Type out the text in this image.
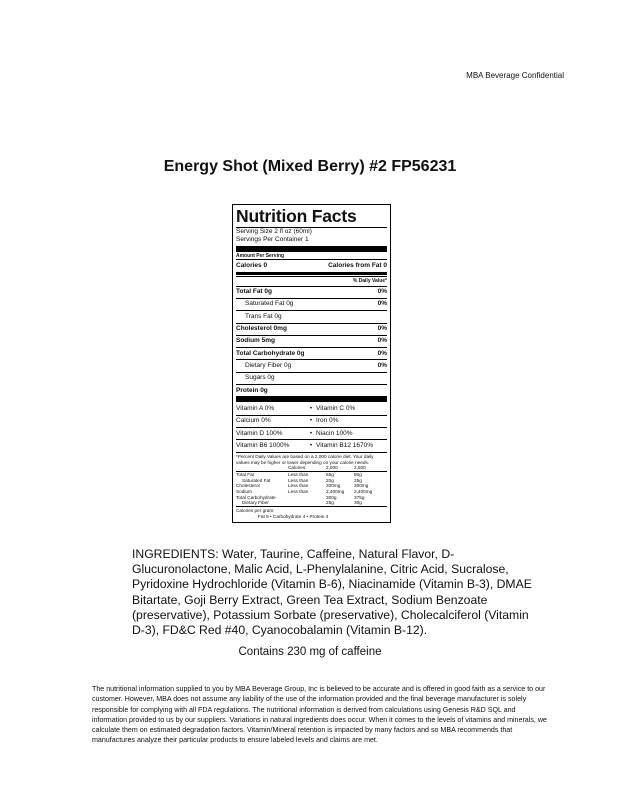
MBA Beverage Confidential
Energy Shot (Mixed Berry) #2 FP56231
Nutrition Facts
Serving Size 2 fl oz (60ml)
Servings Per Container 1
Amount Per Serving
Calories 0	Calories from Fat 0
% Daily Value*
Total Fat 0g	0%
Saturated Fat 0g	0%
Trans Fat 0g
Cholesterol 0mg	0%
Sodium 5mg	0%
Total Carbohydrate 0g	0%
Dietary Fiber 0g	0%
Sugars 0g
Protein 0g
Vitamin A 0%	• Vitamin C 0%
Calcium 0%	• Iron 0%
Vitamin D 100%	• Niacin 100%
Vitamin B6 1000%	• Vitamin B12 1670%
*Percent Daily Values are based on a 2,000 calorie diet. Your daily values may be higher or lower depending on your calorie needs.
Calories:	2,000	2,500
Total Fat	Less than	65g	80g
Saturated Fat	Less than	20g	25g
Cholesterol	Less than	300mg	300mg
Sodium	Less than	2,400mg	2,400mg
Total Carbohydrate	300g	375g
Dietary Fiber	25g	30g
Calories per gram:
Fat 9 • Carbohydrate 4 • Protein 4
INGREDIENTS: Water, Taurine, Caffeine, Natural Flavor, D-Glucuronolactone, Malic Acid, L-Phenylalanine, Citric Acid, Sucralose, Pyridoxine Hydrochloride (Vitamin B-6), Niacinamide (Vitamin B-3), DMAE Bitartate, Goji Berry Extract, Green Tea Extract, Sodium Benzoate (preservative), Potassium Sorbate (preservative), Cholecalciferol (Vitamin D-3), FD&C Red #40, Cyanocobalamin (Vitamin B-12).
Contains 230 mg of caffeine
The nutritional information supplied to you by MBA Beverage Group, Inc is believed to be accurate and is offered in good faith as a service to our customer. However, MBA does not assume any liability of the use of the information provided and the final beverage manufacturer is solely responsible for complying with all FDA regulations. The nutritional information is derived from calculations using Genesis R&D SQL and information provided to us by our suppliers. Variations in natural ingredients does occur. When it comes to the levels of vitamins and minerals, we calculate them on estimated degradation factors. Vitamin/Mineral retention is impacted by many factors and so MBA recommends that manufactures analyze their particular products to ensure labeled levels and claims are met.
